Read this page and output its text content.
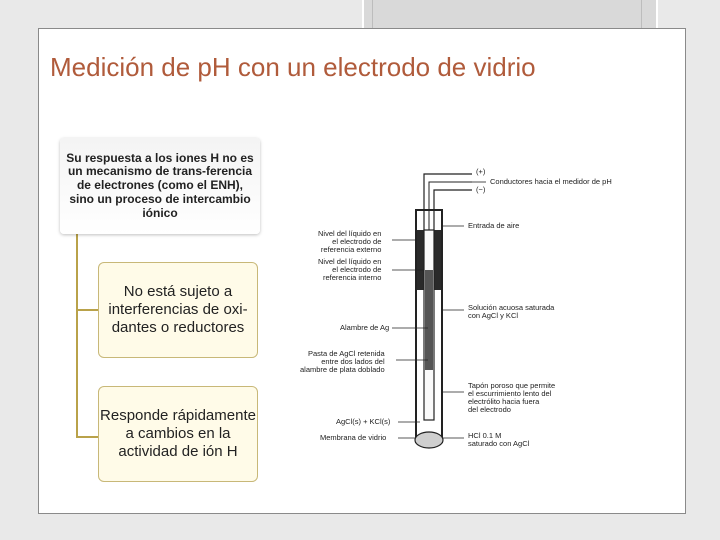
Medición de pH con un electrodo de vidrio
Su respuesta a los iones H no es un mecanismo de trans-ferencia de electrones (como el ENH), sino un proceso de intercambio iónico
No está sujeto a interferencias de oxi-dantes o reductores
Responde rápidamente a cambios en la actividad de ión H
(+)
(−)
Conductores hacia el medidor de pH
Entrada de aire
Nivel del líquido en
el electrodo de
referencia externo
Nivel del líquido en
el electrodo de
referencia interno
Solución acuosa saturada
con AgCl y KCl
Alambre de Ag
Pasta de AgCl retenida
entre dos lados del
alambre de plata doblado
Tapón poroso que permite
el escurrimiento lento del
electrólito hacia fuera
del electrodo
AgCl(s) + KCl(s)
Membrana de vidrio	HCl 0.1 M
saturado con AgCl
